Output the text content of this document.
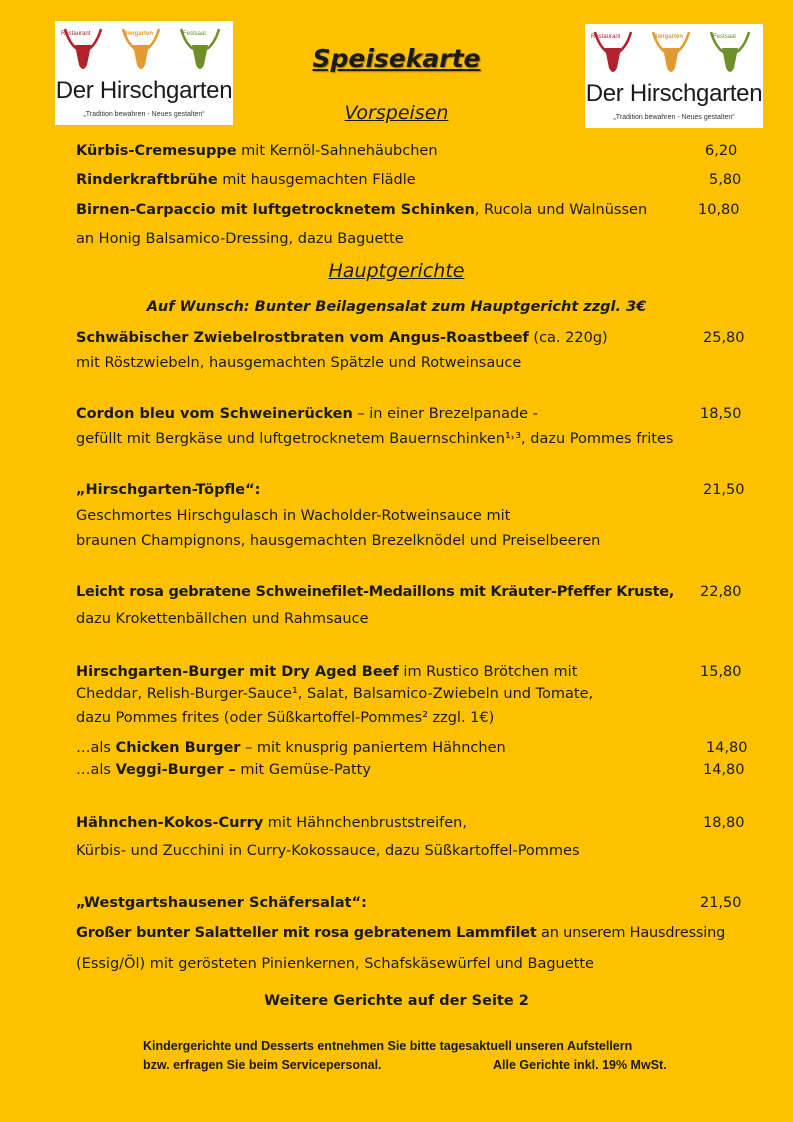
Restaurant	Biergarten	Festsaal
Der Hirschgarten
„Tradition bewahren - Neues gestalten“
Restaurant	Biergarten	Festsaal
Der Hirschgarten
„Tradition bewahren - Neues gestalten“
Speisekarte
Vorspeisen
Kürbis-Cremesuppe mit Kernöl-Sahnehäubchen	6,20
Rinderkraftbrühe mit hausgemachten Flädle	5,80
Birnen-Carpaccio mit luftgetrocknetem Schinken, Rucola und Walnüssen	10,80
an Honig Balsamico-Dressing, dazu Baguette
Hauptgerichte
Auf Wunsch: Bunter Beilagensalat zum Hauptgericht zzgl. 3€
Schwäbischer Zwiebelrostbraten vom Angus-Roastbeef (ca. 220g)	25,80
mit Röstzwiebeln, hausgemachten Spätzle und Rotweinsauce
Cordon bleu vom Schweinerücken – in einer Brezelpanade -	18,50
gefüllt mit Bergkäse und luftgetrocknetem Bauernschinken¹˒³, dazu Pommes frites
„Hirschgarten-Töpfle“:	21,50
Geschmortes Hirschgulasch in Wacholder-Rotweinsauce mit
braunen Champignons, hausgemachten Brezelknödel und Preiselbeeren
Leicht rosa gebratene Schweinefilet-Medaillons mit Kräuter-Pfeffer Kruste, 22,80
dazu Krokettenbällchen und Rahmsauce
Hirschgarten-Burger mit Dry Aged Beef im Rustico Brötchen mit	15,80
Cheddar, Relish-Burger-Sauce¹, Salat, Balsamico-Zwiebeln und Tomate,
dazu Pommes frites (oder Süßkartoffel-Pommes² zzgl. 1€)
…als Chicken Burger – mit knusprig paniertem Hähnchen	14,80
…als Veggi-Burger – mit Gemüse-Patty	14,80
Hähnchen-Kokos-Curry mit Hähnchenbruststreifen,	18,80
Kürbis- und Zucchini in Curry-Kokossauce, dazu Süßkartoffel-Pommes
„Westgartshausener Schäfersalat“:	21,50
Großer bunter Salatteller mit rosa gebratenem Lammfilet an unserem Hausdressing
(Essig/Öl) mit gerösteten Pinienkernen, Schafskäsewürfel und Baguette
Weitere Gerichte auf der Seite 2
Kindergerichte und Desserts entnehmen Sie bitte tagesaktuell unseren Aufstellern
bzw. erfragen Sie beim Servicepersonal.	Alle Gerichte inkl. 19% MwSt.
